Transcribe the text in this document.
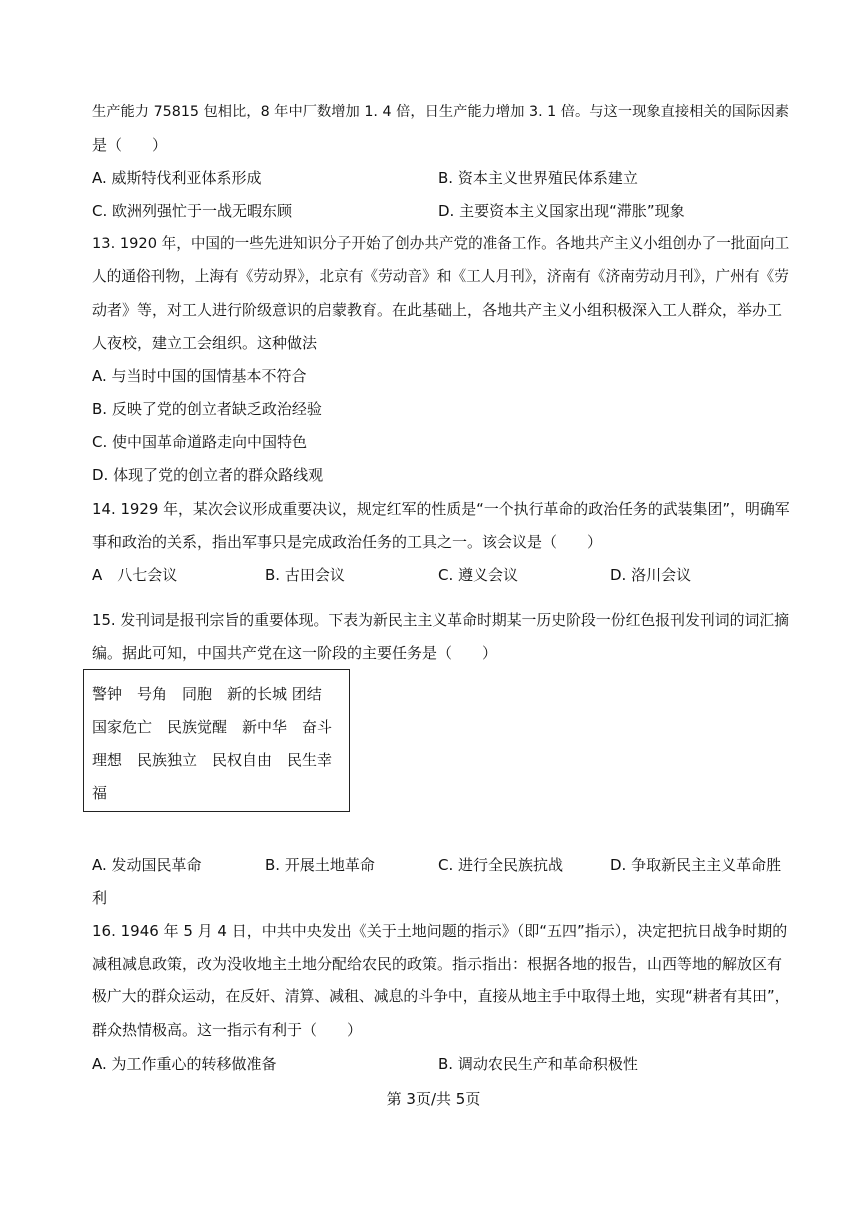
生产能力 75815 包相比，8 年中厂数增加 1. 4 倍，日生产能力增加 3. 1 倍。与这一现象直接相关的国际因素
是（　　）
A. 威斯特伐利亚体系形成	B. 资本主义世界殖民体系建立
C. 欧洲列强忙于一战无暇东顾	D. 主要资本主义国家出现“滞胀”现象
13. 1920 年，中国的一些先进知识分子开始了创办共产党的准备工作。各地共产主义小组创办了一批面向工
人的通俗刊物，上海有《劳动界》，北京有《劳动音》和《工人月刊》，济南有《济南劳动月刊》，广州有《劳
动者》等，对工人进行阶级意识的启蒙教育。在此基础上，各地共产主义小组积极深入工人群众，举办工
人夜校，建立工会组织。这种做法
A. 与当时中国的国情基本不符合
B. 反映了党的创立者缺乏政治经验
C. 使中国革命道路走向中国特色
D. 体现了党的创立者的群众路线观
14. 1929 年，某次会议形成重要决议，规定红军的性质是“一个执行革命的政治任务的武装集团”，明确军
事和政治的关系，指出军事只是完成政治任务的工具之一。该会议是（　　）
A　八七会议	B. 古田会议	C. 遵义会议	D. 洛川会议
15. 发刊词是报刊宗旨的重要体现。下表为新民主主义革命时期某一历史阶段一份红色报刊发刊词的词汇摘
编。据此可知，中国共产党在这一阶段的主要任务是（　　）
警钟　号角　同胞　新的长城 团结
国家危亡　民族觉醒　新中华　奋斗
理想　民族独立　民权自由　民生幸
福
A. 发动国民革命	B. 开展土地革命	C. 进行全民族抗战	D. 争取新民主主义革命胜
利
16. 1946 年 5 月 4 日，中共中央发出《关于土地问题的指示》（即“五四”指示），决定把抗日战争时期的
减租减息政策，改为没收地主土地分配给农民的政策。指示指出：根据各地的报告，山西等地的解放区有
极广大的群众运动，在反奸、清算、减租、减息的斗争中，直接从地主手中取得土地，实现“耕者有其田”，
群众热情极高。这一指示有利于（　　）
A. 为工作重心的转移做准备	B. 调动农民生产和革命积极性
第 3页/共 5页
